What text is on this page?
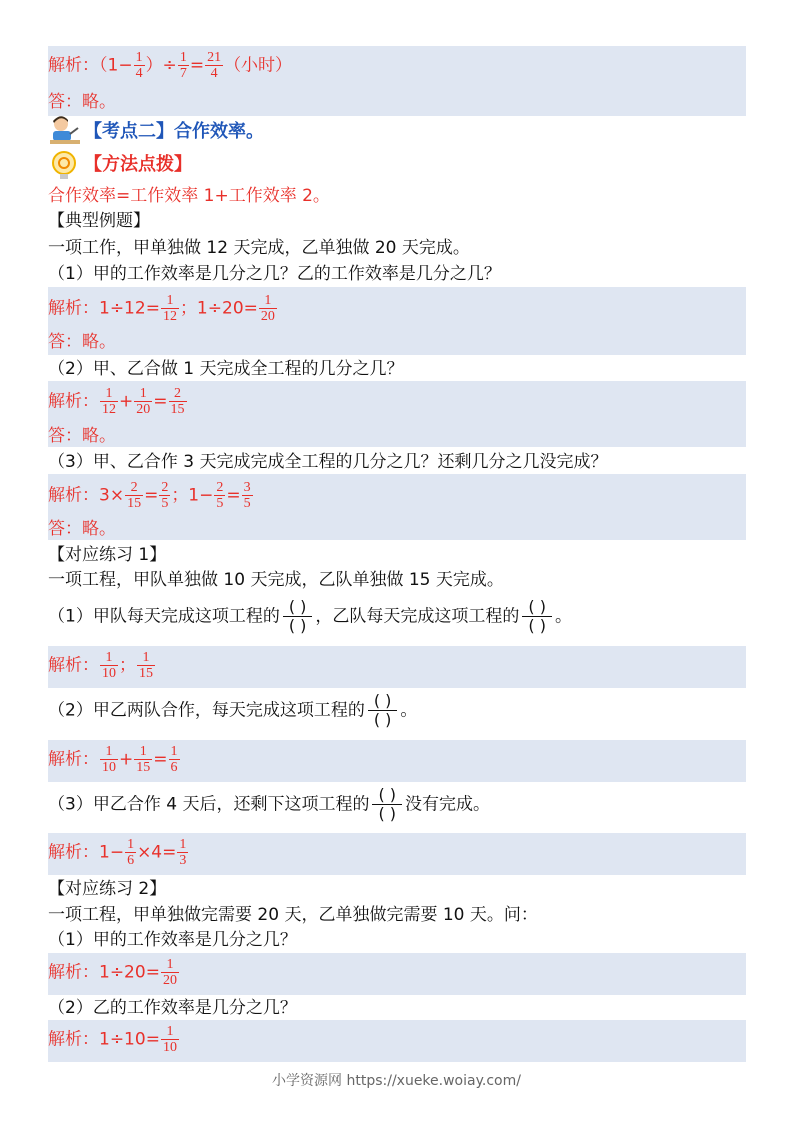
解析：（$1- \frac{1}{4}$ ）÷ $\frac{1}{7} = \frac{21}{4}$ （小时）
答：略。
【考点二】合作效率。
【方法点拨】
合作效率=工作效率 1+工作效率 2。
【典型例题】
一项工作，甲单独做 12 天完成，乙单独做 20 天完成。
（1）甲的工作效率是几分之几？乙的工作效率是几分之几？
解析：$1\div 12= \frac{1}{12}$ ；$1\div 20= \frac{1}{20}$
答：略。
（2）甲、乙合做 1 天完成全工程的几分之几？
解析： $\frac{1}{12} + \frac{1}{20} = \frac{2}{15}$
答：略。
（3）甲、乙合作 3 天完成完成全工程的几分之几？还剩几分之几没完成？
解析：$3\times \frac{2}{15} = \frac{2}{5}$ ；$1- \frac{2}{5} = \frac{3}{5}$
答：略。
【对应练习 1】
一项工程，甲队单独做 10 天完成，乙队单独做 15 天完成。
（1）甲队每天完成这项工程的 ( )
( ) ，乙队每天完成这项工程的 ( )
( ) 。
解析： $\frac{1}{10}$ ； $\frac{1}{15}$
（2）甲乙两队合作，每天完成这项工程的 ( )
( ) 。
解析： $\frac{1}{10} + \frac{1}{15} = \frac{1}{6}$
（3）甲乙合作 4 天后，还剩下这项工程的 ( )
( ) 没有完成。
解析：$1- \frac{1}{6} \times 4= \frac{1}{3}$
【对应练习 2】
一项工程，甲单独做完需要 20 天，乙单独做完需要 10 天。问：
（1）甲的工作效率是几分之几？
解析：$1\div 20= \frac{1}{20}$
（2）乙的工作效率是几分之几？
解析：$1\div 10= \frac{1}{10}$
小学资源网 https://xueke.woiay.com/
